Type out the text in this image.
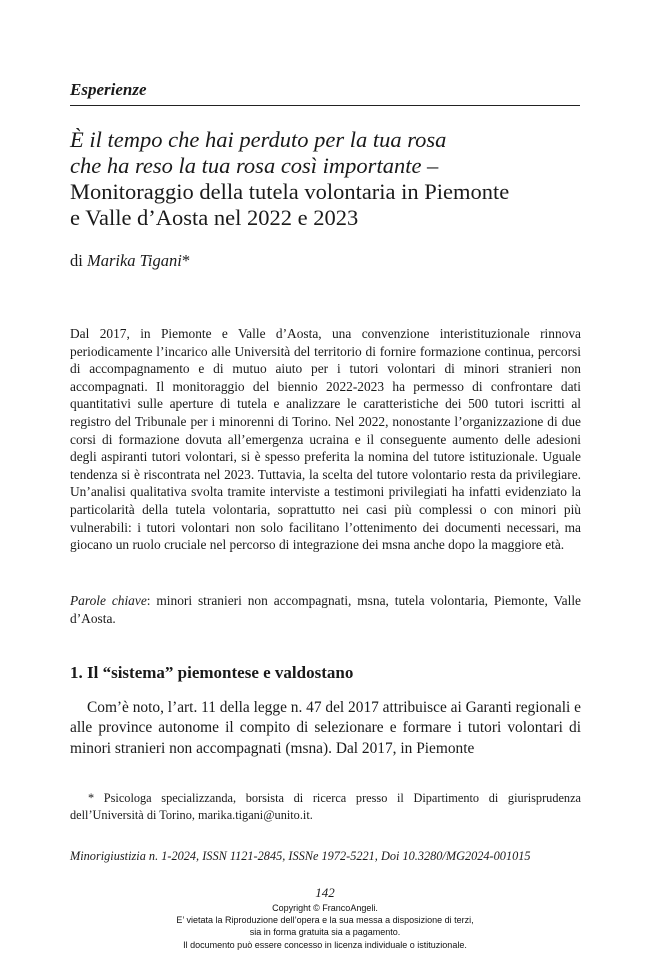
Esperienze
È il tempo che hai perduto per la tua rosa
che ha reso la tua rosa così importante –
Monitoraggio della tutela volontaria in Piemonte
e Valle d’Aosta nel 2022 e 2023
di Marika Tigani*
Dal 2017, in Piemonte e Valle d’Aosta, una convenzione interistituzionale rinnova periodicamente l’incarico alle Università del territorio di fornire formazione continua, percorsi di accompagnamento e di mutuo aiuto per i tutori volontari di minori stranieri non accompagnati. Il monitoraggio del biennio 2022-2023 ha permesso di confrontare dati quantitativi sulle aperture di tutela e analizzare le caratteristiche dei 500 tutori iscritti al registro del Tribunale per i minorenni di Torino. Nel 2022, nonostante l’organizzazione di due corsi di formazione dovuta all’emergenza ucraina e il conseguente aumento delle adesioni degli aspiranti tutori volontari, si è spesso preferita la nomina del tutore istituzionale. Uguale tendenza si è riscontrata nel 2023. Tuttavia, la scelta del tutore volontario resta da privilegiare. Un’analisi qualitativa svolta tramite interviste a testimoni privilegiati ha infatti evidenziato la particolarità della tutela volontaria, soprattutto nei casi più complessi o con minori più vulnerabili: i tutori volontari non solo facilitano l’ottenimento dei documenti necessari, ma giocano un ruolo cruciale nel percorso di integrazione dei msna anche dopo la maggiore età.
Parole chiave: minori stranieri non accompagnati, msna, tutela volontaria, Piemonte, Valle d’Aosta.
1. Il “sistema” piemontese e valdostano
Com’è noto, l’art. 11 della legge n. 47 del 2017 attribuisce ai Garanti regionali e alle province autonome il compito di selezionare e formare i tutori volontari di minori stranieri non accompagnati (msna). Dal 2017, in Piemonte
* Psicologa specializzanda, borsista di ricerca presso il Dipartimento di giurisprudenza dell’Università di Torino, marika.tigani@unito.it.
Minorigiustizia n. 1-2024, ISSN 1121-2845, ISSNe 1972-5221, Doi 10.3280/MG2024-001015
142
Copyright © FrancoAngeli.
E’ vietata la Riproduzione dell’opera e la sua messa a disposizione di terzi,
sia in forma gratuita sia a pagamento.
Il documento può essere concesso in licenza individuale o istituzionale.
